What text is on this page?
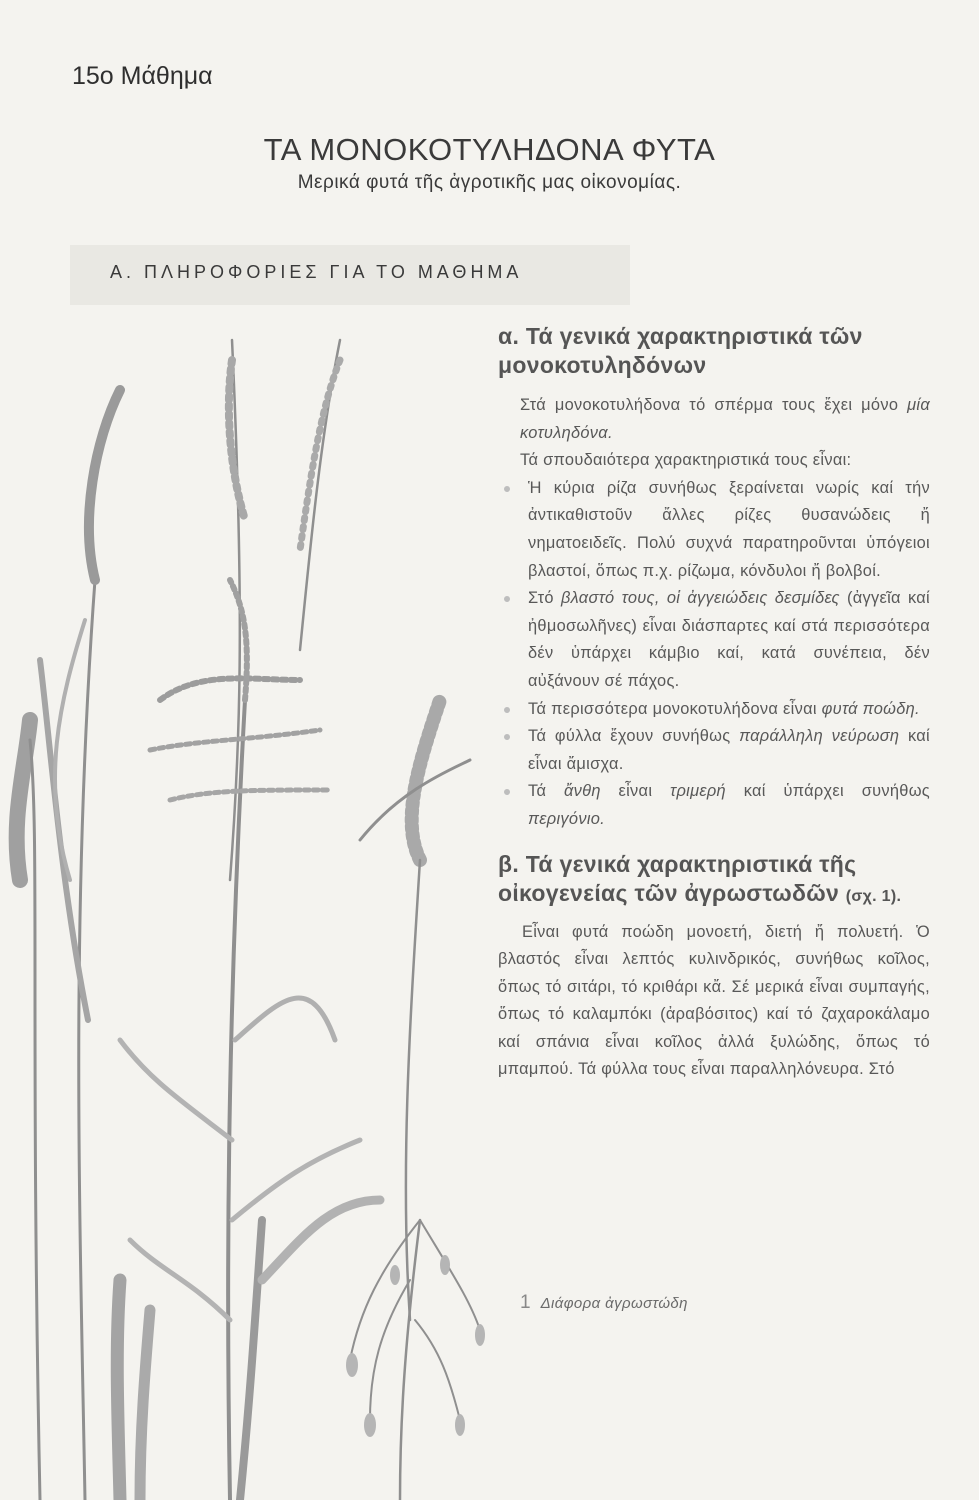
15ο Μάθημα
ΤΑ ΜΟΝΟΚΟΤΥΛΗΔΟΝΑ ΦΥΤΑ
Μερικά φυτά τῆς ἀγροτικῆς μας οἰκονομίας.
Α. ΠΛΗΡΟΦΟΡΙΕΣ ΓΙΑ ΤΟ ΜΑΘΗΜΑ
α. Τά γενικά χαρακτηριστικά τῶν μονοκοτυληδόνων

Στά μονοκοτυλήδονα τό σπέρμα τους ἔχει μόνο μία κοτυληδόνα.

Τά σπουδαιότερα χαρακτηριστικά τους εἶναι:

Ἡ κύρια ρίζα συνήθως ξεραίνεται νωρίς καί τήν ἀντικαθιστοῦν ἄλλες ρίζες θυσανώδεις ἤ νηματοειδεῖς. Πολύ συχνά παρατηροῦνται ὑπόγειοι βλαστοί, ὅπως π.χ. ρίζωμα, κόνδυλοι ἤ βολβοί.
Στό βλαστό τους, οἱ ἀγγειώδεις δεσμίδες (ἀγγεῖα καί ἠθμοσωλῆνες) εἶναι διάσπαρτες καί στά περισσότερα δέν ὑπάρχει κάμβιο καί, κατά συνέπεια, δέν αὐξάνουν σέ πάχος.
Τά περισσότερα μονοκοτυλήδονα εἶναι φυτά ποώδη.
Τά φύλλα ἔχουν συνήθως παράλληλη νεύρωση καί εἶναι ἄμισχα.
Τά ἄνθη εἶναι τριμερή καί ὑπάρχει συνήθως περιγόνιο.
β. Τά γενικά χαρακτηριστικά τῆς οἰκογενείας τῶν ἀγρωστωδῶν (σχ. 1).

Εἶναι φυτά ποώδη μονοετή, διετή ἤ πολυετή. Ὁ βλαστός εἶναι λεπτός κυλινδρικός, συνήθως κοῖλος, ὅπως τό σιτάρι, τό κριθάρι κἄ. Σέ μερικά εἶναι συμπαγής, ὅπως τό καλαμπόκι (ἀραβόσιτος) καί τό ζαχαροκάλαμο καί σπάνια εἶναι κοῖλος ἀλλά ξυλώδης, ὅπως τό μπαμπού. Τά φύλλα τους εἶναι παραλληλόνευρα. Στό

1 Διάφορα ἀγρωστώδη
